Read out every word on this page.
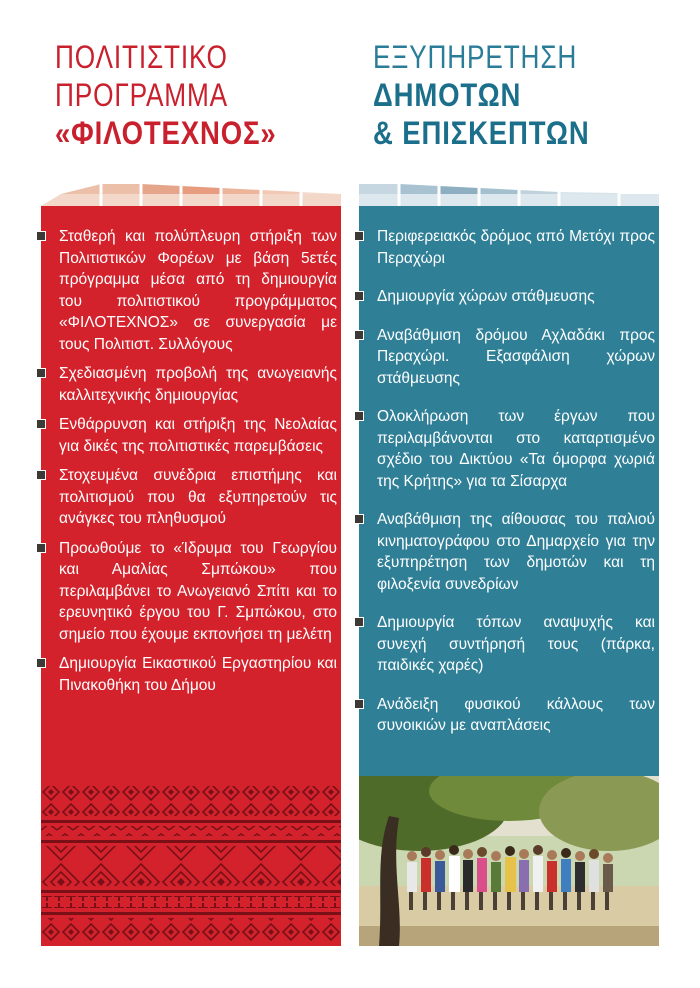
ΠΟΛΙΤΙΣΤΙΚΟ
ΠΡΟΓΡΑΜΜΑ
«ΦΙΛΟΤΕΧΝΟΣ»
Σταθερή και πολύπλευρη στήριξη των Πολιτιστικών Φορέων με βάση 5ετές πρόγραμμα μέσα από τη δημιουργία του πολιτιστικού προγράμματος «ΦΙΛΟΤΕΧΝΟΣ» σε συνεργασία με τους Πολιτιστ. Συλλόγους
Σχεδιασμένη προβολή της ανωγειανής καλλιτεχνικής δημιουργίας
Ενθάρρυνση και στήριξη της Νεολαίας για δικές της πολιτιστικές παρεμβάσεις
Στοχευμένα συνέδρια επιστήμης και πολιτισμού που θα εξυπηρετούν τις ανάγκες του πληθυσμού
Προωθούμε το «Ίδρυμα του Γεωργίου και Αμαλίας Σμπώκου» που περιλαμβάνει το Ανωγειανό Σπίτι και το ερευνητικό έργου του Γ. Σμπώκου, στο σημείο που έχουμε εκπονήσει τη μελέτη
Δημιουργία Εικαστικού Εργαστηρίου και Πινακοθήκη του Δήμου
ΕΞΥΠΗΡΕΤΗΣΗ
ΔΗΜΟΤΩΝ
& ΕΠΙΣΚΕΠΤΩΝ
Περιφερειακός δρόμος από Μετόχι προς Περαχώρι
Δημιουργία χώρων στάθμευσης
Αναβάθμιση δρόμου Αχλαδάκι προς Περαχώρι. Εξασφάλιση χώρων στάθμευσης
Ολοκλήρωση των έργων που περιλαμβάνονται στο καταρτισμένο σχέδιο του Δικτύου «Τα όμορφα χωριά της Κρήτης» για τα Σίσαρχα
Αναβάθμιση της αίθουσας του παλιού κινηματογράφου στο Δημαρχείο για την εξυπηρέτηση των δημοτών και τη φιλοξενία συνεδρίων
Δημιουργία τόπων αναψυχής και συνεχή συντήρησή τους (πάρκα, παιδικές χαρές)
Ανάδειξη φυσικού κάλλους των συνοικιών με αναπλάσεις
